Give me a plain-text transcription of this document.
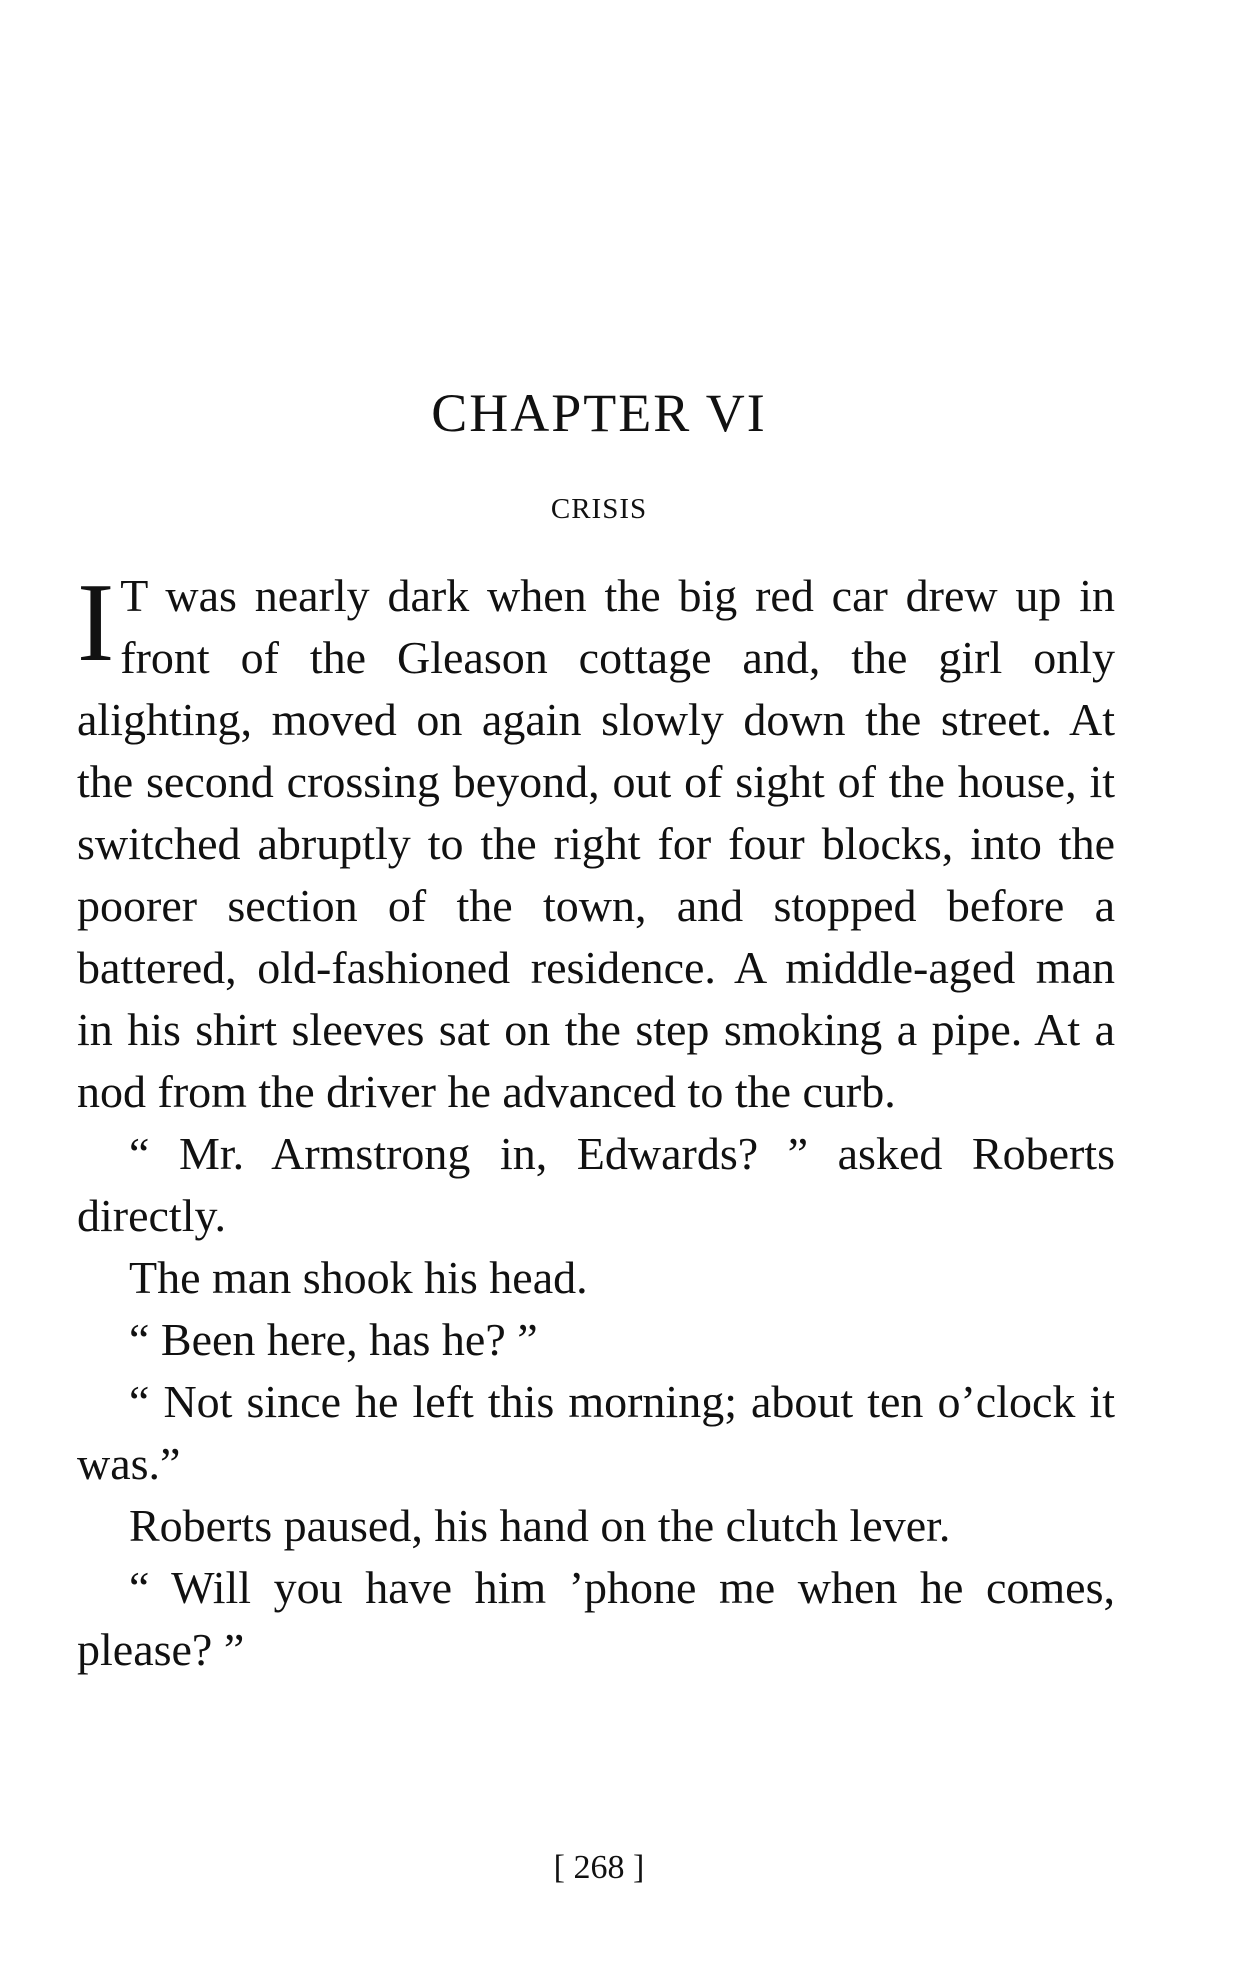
CHAPTER VI
CRISIS

I T was nearly dark when the big red car drew up in front of the Gleason cottage and, the girl only alighting, moved on again slowly down the street. At the second crossing beyond, out of sight of the house, it switched abruptly to the right for four blocks, into the poorer section of the town, and stopped before a battered, old-fashioned residence. A middle-aged man in his shirt sleeves sat on the step smoking a pipe. At a nod from the driver he advanced to the curb.

“ Mr. Armstrong in, Edwards? ” asked Roberts directly.

The man shook his head.

“ Been here, has he? ”

“ Not since he left this morning; about ten o’clock it was.”

Roberts paused, his hand on the clutch lever.

“ Will you have him ’phone me when he comes, please? ”

[ 268 ]
